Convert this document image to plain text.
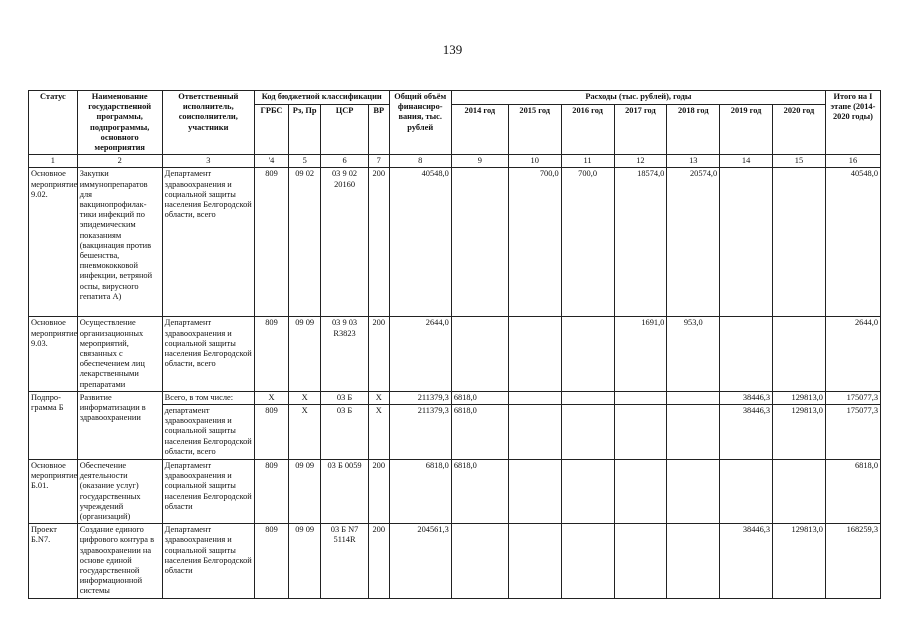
139
Статус	Наименование государственной программы, подпрограммы, основного мероприятия	Ответственный исполнитель, соисполнители, участники	Код бюджетной классификации				Общий объём финансиро-вания, тыс. рублей	Расходы (тыс. рублей), годы							Итого на I этапе (2014-2020 годы)
			ГРБС	Рз, Пр	ЦСР	ВР		2014 год	2015 год	2016 год	2017 год	2018 год	2019 год	2020 год	
1	2	3	'4	5	6	7	8	9	10	11	12	13	14	15	16
Основное мероприятие 9.02.	Закупки иммунопрепаратов для вакцинопрофилак-тики инфекций по эпидемическим показаниям (вакцинация против бешенства, пневмококковой инфекции, ветряной оспы, вирусного гепатита А)	Департамент здравоохранения и социальной защиты населения Белгородской области, всего	809	09 02	03 9 02 20160	200	40548,0		700,0	700,0	18574,0	20574,0			40548,0
Основное мероприятие 9.03.	Осуществление организационных мероприятий, связанных с обеспечением лиц лекарственными препаратами	Департамент здравоохранения и социальной защиты населения Белгородской области, всего	809	09 09	03 9 03 R3823	200	2644,0				1691,0	953,0			2644,0
Подпро-грамма Б	Развитие информатизации в здравоохранении	Всего, в том числе:	X	X	03 Б	X	211379,3	6818,0					38446,3	129813,0	175077,3
		департамент здравоохранения и социальной защиты населения Белгородской области, всего	809	X	03 Б	X	211379,3	6818,0					38446,3	129813,0	175077,3
Основное мероприятие Б.01.	Обеспечение деятельности (оказание услуг) государственных учреждений (организаций)	Департамент здравоохранения и социальной защиты населения Белгородской области	809	09 09	03 Б 0059	200	6818,0	6818,0							6818,0
Проект Б.N7.	Создание единого цифрового контура в здравоохранении на основе единой государственной информационной системы	Департамент здравоохранения и социальной защиты населения Белгородской области	809	09 09	03 Б N7 5114R	200	204561,3						38446,3	129813,0	168259,3
